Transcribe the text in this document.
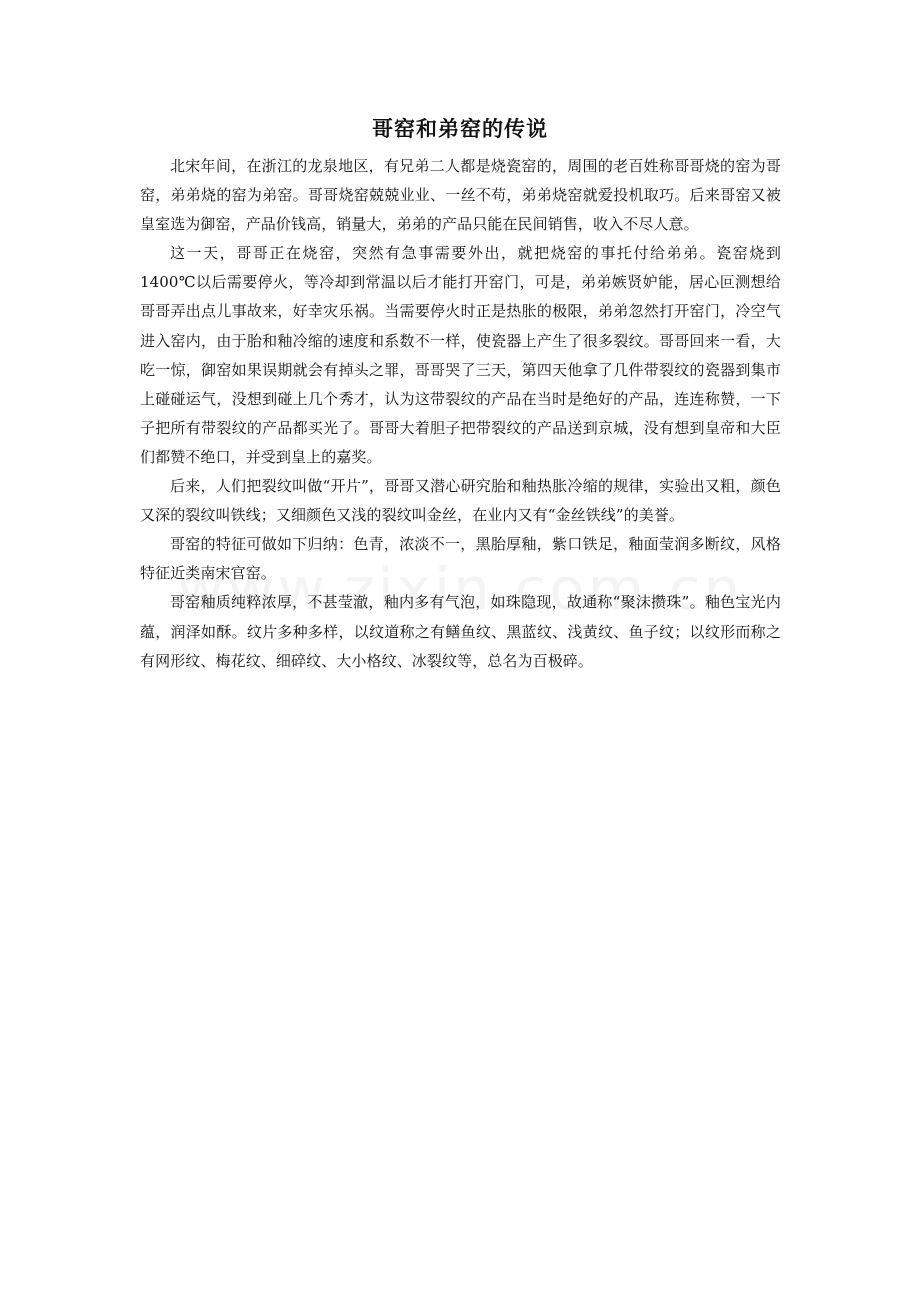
哥窑和弟窑的传说

北宋年间，在浙江的龙泉地区，有兄弟二人都是烧瓷窑的，周围的老百姓称哥哥烧的窑为哥窑，弟弟烧的窑为弟窑。哥哥烧窑兢兢业业、一丝不苟，弟弟烧窑就爱投机取巧。后来哥窑又被皇室选为御窑，产品价钱高，销量大，弟弟的产品只能在民间销售，收入不尽人意。

这一天，哥哥正在烧窑，突然有急事需要外出，就把烧窑的事托付给弟弟。瓷窑烧到1400℃以后需要停火，等冷却到常温以后才能打开窑门，可是，弟弟嫉贤妒能，居心叵测想给哥哥弄出点儿事故来，好幸灾乐祸。当需要停火时正是热胀的极限，弟弟忽然打开窑门，冷空气进入窑内，由于胎和釉冷缩的速度和系数不一样，使瓷器上产生了很多裂纹。哥哥回来一看，大吃一惊，御窑如果误期就会有掉头之罪，哥哥哭了三天，第四天他拿了几件带裂纹的瓷器到集市上碰碰运气，没想到碰上几个秀才，认为这带裂纹的产品在当时是绝好的产品，连连称赞，一下子把所有带裂纹的产品都买光了。哥哥大着胆子把带裂纹的产品送到京城，没有想到皇帝和大臣们都赞不绝口，并受到皇上的嘉奖。

后来，人们把裂纹叫做“开片”，哥哥又潜心研究胎和釉热胀冷缩的规律，实验出又粗，颜色又深的裂纹叫铁线；又细颜色又浅的裂纹叫金丝，在业内又有“金丝铁线”的美誉。

哥窑的特征可做如下归纳：色青，浓淡不一，黑胎厚釉，紫口铁足，釉面莹润多断纹，风格特征近类南宋官窑。

哥窑釉质纯粹浓厚，不甚莹澈，釉内多有气泡，如珠隐现，故通称“聚沫攒珠”。釉色宝光内蕴，润泽如酥。纹片多种多样，以纹道称之有鳝鱼纹、黑蓝纹、浅黄纹、鱼子纹；以纹形而称之有网形纹、梅花纹、细碎纹、大小格纹、冰裂纹等，总名为百极碎。
